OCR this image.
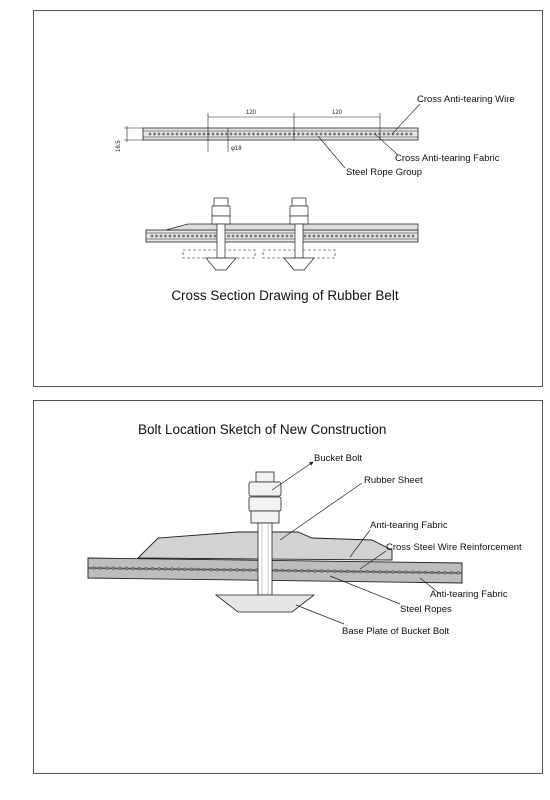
120	120
16.5	φ18
Cross Anti-tearing Wire
Cross Anti-tearing Fabric
Steel Rope Group
Cross Section Drawing of Rubber Belt
Bolt Location Sketch of New Construction
Bucket Bolt
Rubber Sheet
Anti-tearing Fabric
Cross Steel Wire Reinforcement
Anti-tearing Fabric
Steel Ropes
Base Plate of Bucket Bolt
